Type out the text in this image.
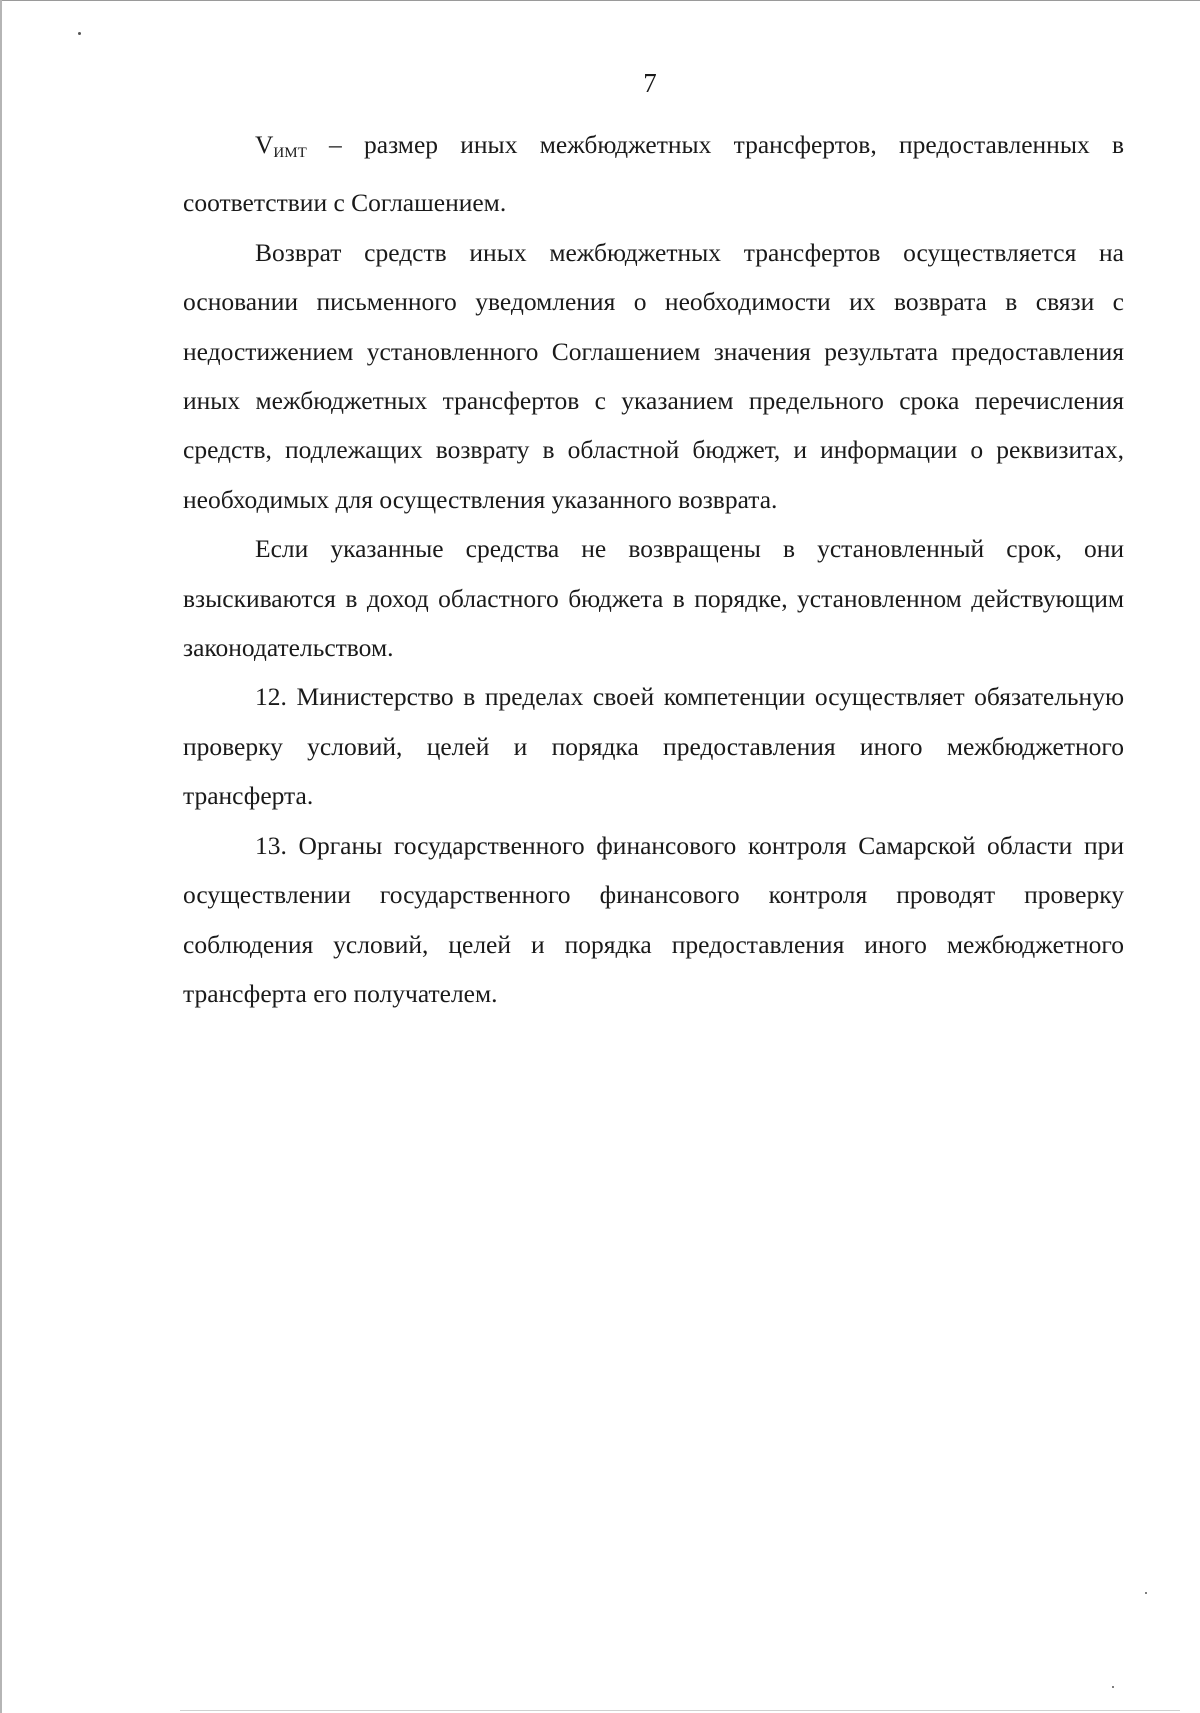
7

$V_{ИМТ}$ – размер иных межбюджетных трансфертов, предоставленных в соответствии с Соглашением.

Возврат средств иных межбюджетных трансфертов осуществляется на основании письменного уведомления о необходимости их возврата в связи с недостижением установленного Соглашением значения результата предоставления иных межбюджетных трансфертов с указанием предельного срока перечисления средств, подлежащих возврату в областной бюджет, и информации о реквизитах, необходимых для осуществления указанного возврата.

Если указанные средства не возвращены в установленный срок, они взыскиваются в доход областного бюджета в порядке, установленном действующим законодательством.

12. Министерство в пределах своей компетенции осуществляет обязательную проверку условий, целей и порядка предоставления иного межбюджетного трансферта.

13. Органы государственного финансового контроля Самарской области при осуществлении государственного финансового контроля проводят проверку соблюдения условий, целей и порядка предоставления иного межбюджетного трансферта его получателем.
